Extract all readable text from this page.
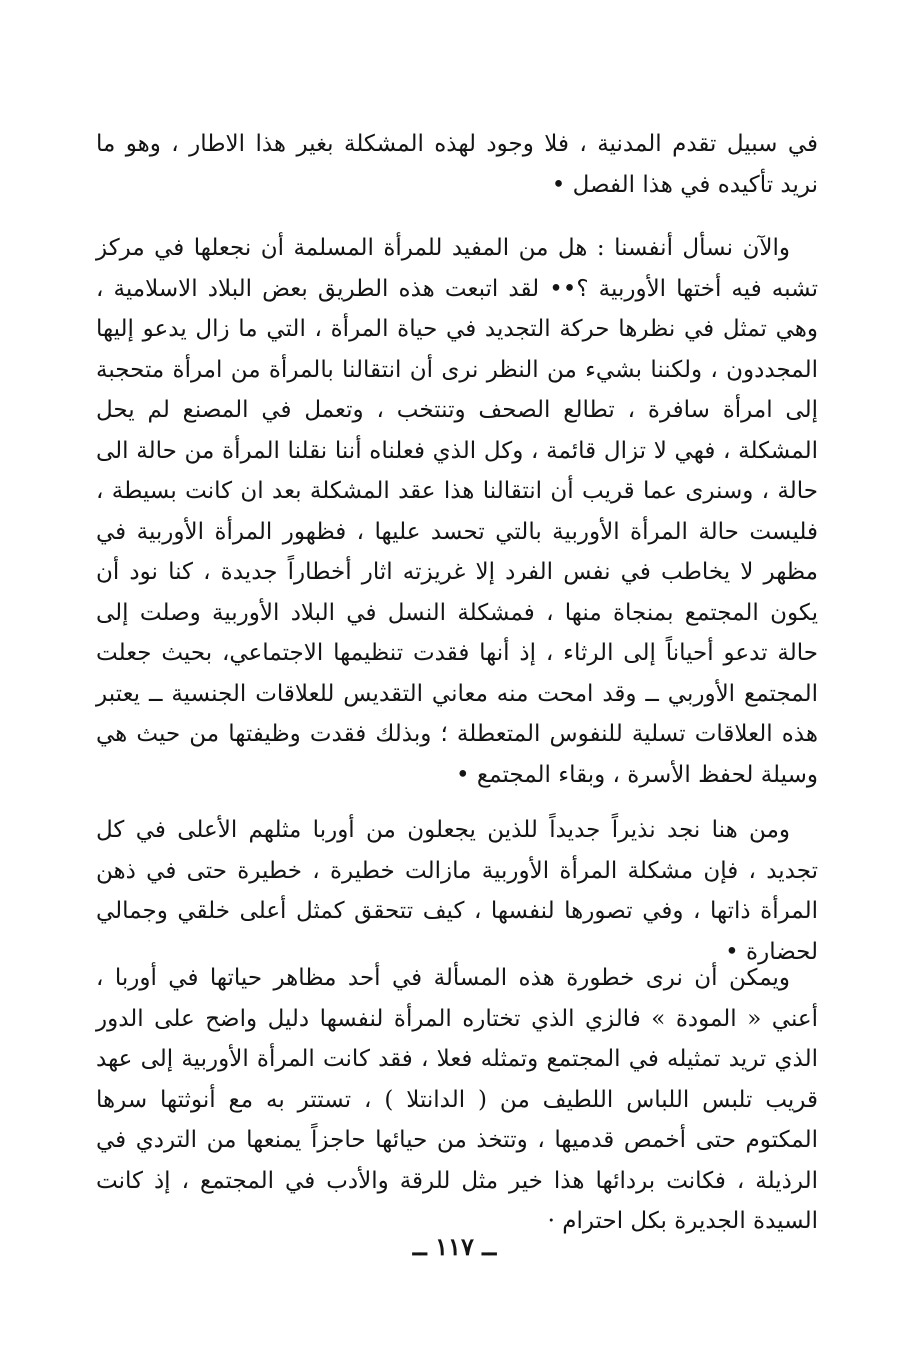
في سبيل تقدم المدنية ، فلا وجود لهذه المشكلة بغير هذا الاطار ، وهو ما نريد تأكيده في هذا الفصل •

والآن نسأل أنفسنا : هل من المفيد للمرأة المسلمة أن نجعلها في مركز تشبه فيه أختها الأوربية ؟•• لقد اتبعت هذه الطريق بعض البلاد الاسلامية ، وهي تمثل في نظرها حركة التجديد في حياة المرأة ، التي ما زال يدعو إليها المجددون ، ولكننا بشيء من النظر نرى أن انتقالنا بالمرأة من امرأة متحجبة إلى امرأة سافرة ، تطالع الصحف وتنتخب ، وتعمل في المصنع لم يحل المشكلة ، فهي لا تزال قائمة ، وكل الذي فعلناه أننا نقلنا المرأة من حالة الى حالة ، وسنرى عما قريب أن انتقالنا هذا عقد المشكلة بعد ان كانت بسيطة ، فليست حالة المرأة الأوربية بالتي تحسد عليها ، فظهور المرأة الأوربية في مظهر لا يخاطب في نفس الفرد إلا غريزته اثار أخطاراً جديدة ، كنا نود أن يكون المجتمع بمنجاة منها ، فمشكلة النسل في البلاد الأوربية وصلت إلى حالة تدعو أحياناً إلى الرثاء ، إذ أنها فقدت تنظيمها الاجتماعي، بحيث جعلت المجتمع الأوربي ــ وقد امحت منه معاني التقديس للعلاقات الجنسية ــ يعتبر هذه العلاقات تسلية للنفوس المتعطلة ؛ وبذلك فقدت وظيفتها من حيث هي وسيلة لحفظ الأسرة ، وبقاء المجتمع •

ومن هنا نجد نذيراً جديداً للذين يجعلون من أوربا مثلهم الأعلى في كل تجديد ، فإن مشكلة المرأة الأوربية مازالت خطيرة ، خطيرة حتى في ذهن المرأة ذاتها ، وفي تصورها لنفسها ، كيف تتحقق كمثل أعلى خلقي وجمالي لحضارة •

ويمكن أن نرى خطورة هذه المسألة في أحد مظاهر حياتها في أوربا ، أعني « المودة » فالزي الذي تختاره المرأة لنفسها دليل واضح على الدور الذي تريد تمثيله في المجتمع وتمثله فعلا ، فقد كانت المرأة الأوربية إلى عهد قريب تلبس اللباس اللطيف من ( الدانتلا ) ، تستتر به مع أنوثتها سرها المكتوم حتى أخمص قدميها ، وتتخذ من حيائها حاجزاً يمنعها من التردي في الرذيلة ، فكانت بردائها هذا خير مثل للرقة والأدب في المجتمع ، إذ كانت السيدة الجديرة بكل احترام ·

ــ ١١٧ ــ
